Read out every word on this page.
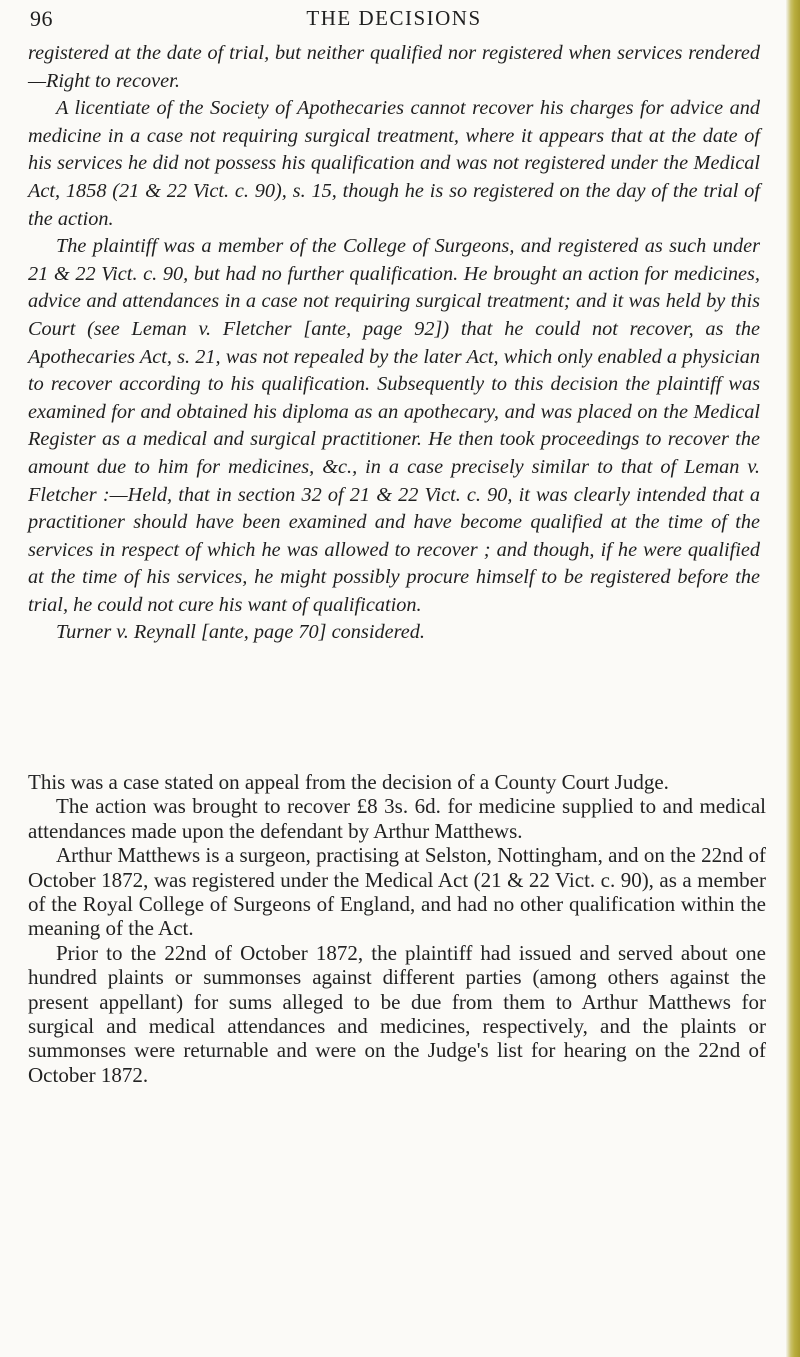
96	THE DECISIONS

registered at the date of trial, but neither qualified nor registered when services rendered—Right to recover.

A licentiate of the Society of Apothecaries cannot recover his charges for advice and medicine in a case not requiring surgical treatment, where it appears that at the date of his services he did not possess his qualification and was not registered under the Medical Act, 1858 (21 & 22 Vict. c. 90), s. 15, though he is so registered on the day of the trial of the action.

The plaintiff was a member of the College of Surgeons, and registered as such under 21 & 22 Vict. c. 90, but had no further qualification. He brought an action for medicines, advice and attendances in a case not requiring surgical treatment; and it was held by this Court (see Leman v. Fletcher [ante, page 92]) that he could not recover, as the Apothecaries Act, s. 21, was not repealed by the later Act, which only enabled a physician to recover according to his qualification. Subsequently to this decision the plaintiff was examined for and obtained his diploma as an apothecary, and was placed on the Medical Register as a medical and surgical practitioner. He then took proceedings to recover the amount due to him for medicines, &c., in a case precisely similar to that of Leman v. Fletcher :—Held, that in section 32 of 21 & 22 Vict. c. 90, it was clearly intended that a practitioner should have been examined and have become qualified at the time of the services in respect of which he was allowed to recover ; and though, if he were qualified at the time of his services, he might possibly procure himself to be registered before the trial, he could not cure his want of qualification.

Turner v. Reynall [ante, page 70] considered.

This was a case stated on appeal from the decision of a County Court Judge.

The action was brought to recover £8 3s. 6d. for medicine supplied to and medical attendances made upon the defendant by Arthur Matthews.

Arthur Matthews is a surgeon, practising at Selston, Nottingham, and on the 22nd of October 1872, was registered under the Medical Act (21 & 22 Vict. c. 90), as a member of the Royal College of Surgeons of England, and had no other qualification within the meaning of the Act.

Prior to the 22nd of October 1872, the plaintiff had issued and served about one hundred plaints or summonses against different parties (among others against the present appellant) for sums alleged to be due from them to Arthur Matthews for surgical and medical attendances and medicines, respectively, and the plaints or summonses were returnable and were on the Judge's list for hearing on the 22nd of October 1872.
